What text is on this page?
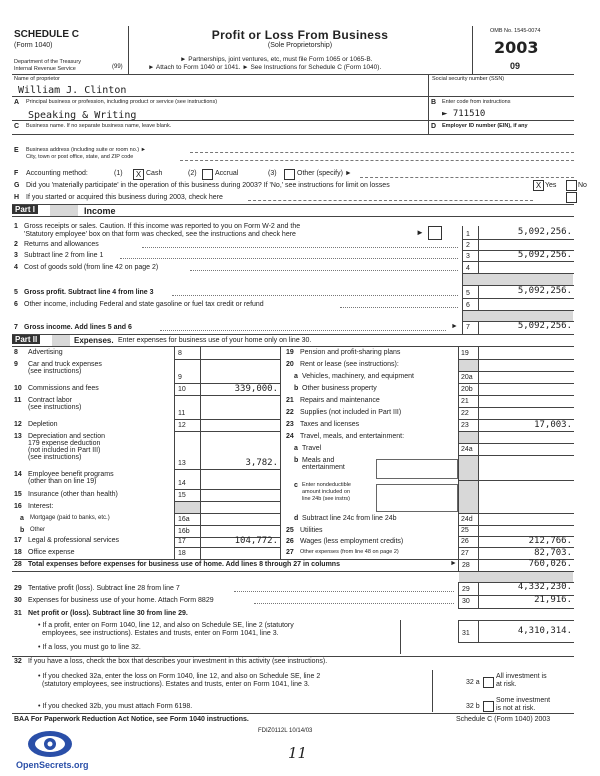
SCHEDULE C
(Form 1040)
Department of the Treasury
Internal Revenue Service	(99)
Profit or Loss From Business
(Sole Proprietorship)
► Partnerships, joint ventures, etc, must file Form 1065 or 1065-B.
► Attach to Form 1040 or 1041. ► See Instructions for Schedule C (Form 1040).
OMB No. 1545-0074
2003
09
Name of proprietor
William J. Clinton
Social security number (SSN)
A Principal business or profession, including product or service (see instructions)
Speaking & Writing
B Enter code from instructions
► 711510
C Business name. If no separate business name, leave blank.	D Employer ID number (EIN), if any
E Business address (including suite or room no.) ►
City, town or post office, state, and ZIP code
F Accounting method:	(1)	X Cash	(2)	Accrual	(3)	Other (specify) ►
G Did you 'materially participate' in the operation of this business during 2003? If 'No,' see instructions for limit on losses	X Yes	No
H If you started or acquired this business during 2003, check here
Part I	Income
1 Gross receipts or sales. Caution. If this income was reported to you on Form W-2 and the
'Statutory employee' box on that form was checked, see the instructions and check here	►	1	5,092,256.
2 Returns and allowances	2
3 Subtract line 2 from line 1	3	5,092,256.
4 Cost of goods sold (from line 42 on page 2)	4
5 Gross profit. Subtract line 4 from line 3	5	5,092,256.
6 Other income, including Federal and state gasoline or fuel tax credit or refund	6
7 Gross income. Add lines 5 and 6	► 7	5,092,256.
Part II	Expenses. Enter expenses for business use of your home only on line 30.
8 Advertising	8
9 Car and truck expenses
(see instructions)
9
10 Commissions and fees	10	339,000.
11 Contract labor
(see instructions)
11
12 Depletion	12
13 Depreciation and section
179 expense deduction
(not included in Part III)
(see instructions)
13	3,782.
14 Employee benefit programs
(other than on line 19)	14
15 Insurance (other than health)	15
16 Interest:
a Mortgage (paid to banks, etc.)	16a
b Other	16b
17 Legal & professional services	17	104,772.
18 Office expense	18
19 Pension and profit-sharing plans	19
20 Rent or lease (see instructions):
a Vehicles, machinery, and equipment	20a
b Other business property	20b
21 Repairs and maintenance	21
22 Supplies (not included in Part III)	22
23 Taxes and licenses	23	17,003.
24 Travel, meals, and entertainment:
a Travel	24a
b Meals and
entertainment
c Enter nondeductible
amount included on
line 24b (see instrs)
d Subtract line 24c from line 24b	24d
25 Utilities	25
26 Wages (less employment credits)	26	212,766.
27 Other expenses (from line 48 on page 2)	27	82,703.
28 Total expenses before expenses for business use of home. Add lines 8 through 27 in columns	► 28	760,026.
29 Tentative profit (loss). Subtract line 28 from line 7	29	4,332,230.
30 Expenses for business use of your home. Attach Form 8829	30	21,916.
31 Net profit or (loss). Subtract line 30 from line 29.
• If a profit, enter on Form 1040, line 12, and also on Schedule SE, line 2 (statutory
employees, see instructions). Estates and trusts, enter on Form 1041, line 3.
• If a loss, you must go to line 32.
31	4,310,314.
32 If you have a loss, check the box that describes your investment in this activity (see instructions).
• If you checked 32a, enter the loss on Form 1040, line 12, and also on Schedule SE, line 2
(statutory employees, see instructions). Estates and trusts, enter on Form 1041, line 3.
• If you checked 32b, you must attach Form 6198.
32 a
All investment is
at risk.
32 b
Some investment
is not at risk.
BAA For Paperwork Reduction Act Notice, see Form 1040 instructions.	Schedule C (Form 1040) 2003
FDIZ0112L 10/14/03
11
OpenSecrets.org
